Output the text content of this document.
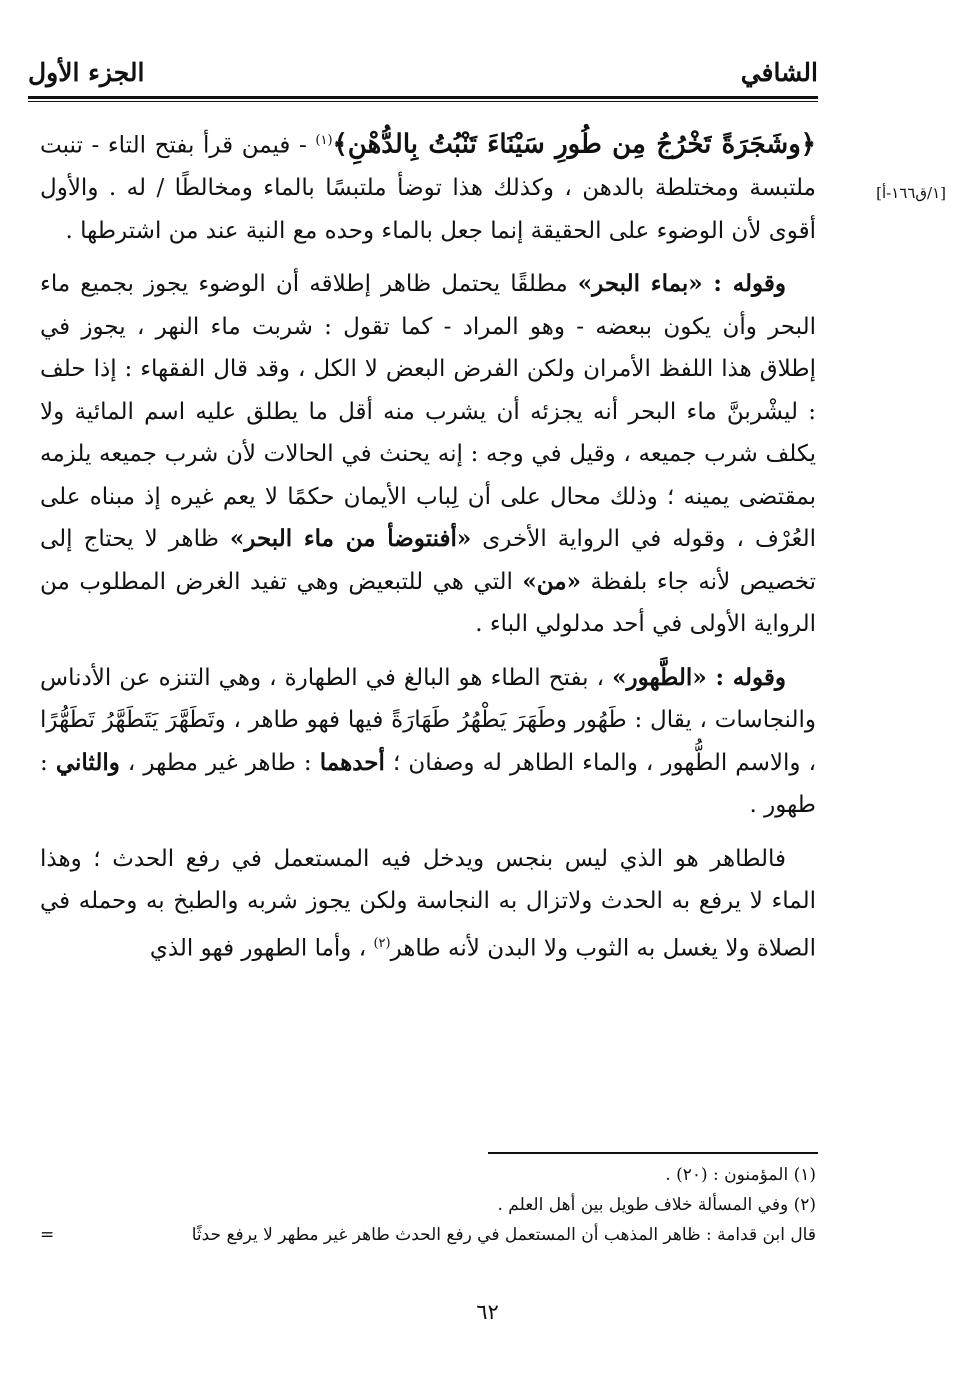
الشافي
الجزء الأول
[١/ق١٦٦-أ]

﴿وشَجَرَةً تَخْرُجُ مِن طُورِ سَيْنَاءَ تَنْبُتُ بِالدُّهْنِ﴾$^{(١)}$ - فيمن قرأ بفتح التاء - تنبت ملتبسة ومختلطة بالدهن ، وكذلك هذا توضأ ملتبسًا بالماء ومخالطًا / له . والأول أقوى لأن الوضوء على الحقيقة إنما جعل بالماء وحده مع النية عند من اشترطها .

وقوله : «بماء البحر» مطلقًا يحتمل ظاهر إطلاقه أن الوضوء يجوز بجميع ماء البحر وأن يكون ببعضه - وهو المراد - كما تقول : شربت ماء النهر ، يجوز في إطلاق هذا اللفظ الأمران ولكن الفرض البعض لا الكل ، وقد قال الفقهاء : إذا حلف : ليشْربنَّ ماء البحر أنه يجزئه أن يشرب منه أقل ما يطلق عليه اسم المائية ولا يكلف شرب جميعه ، وقيل في وجه : إنه يحنث في الحالات لأن شرب جميعه يلزمه بمقتضى يمينه ؛ وذلك محال على أن لِباب الأيمان حكمًا لا يعم غيره إذ مبناه على العُرْف ، وقوله في الرواية الأخرى «أفنتوضأ من ماء البحر» ظاهر لا يحتاج إلى تخصيص لأنه جاء بلفظة «من» التي هي للتبعيض وهي تفيد الغرض المطلوب من الرواية الأولى في أحد مدلولي الباء .

وقوله : «الطَّهور» ، بفتح الطاء هو البالغ في الطهارة ، وهي التنزه عن الأدناس والنجاسات ، يقال : طَهُور وطَهَرَ يَطْهُرُ طَهَارَةً فيها فهو طاهر ، وتَطَهَّرَ يَتَطَهَّرُ تَطَهُّرًا ، والاسم الطُّهور ، والماء الطاهر له وصفان ؛ أحدهما : طاهر غير مطهر ، والثاني : طهور .

فالطاهر هو الذي ليس بنجس ويدخل فيه المستعمل في رفع الحدث ؛ وهذا الماء لا يرفع به الحدث ولاتزال به النجاسة ولكن يجوز شربه والطبخ به وحمله في الصلاة ولا يغسل به الثوب ولا البدن لأنه طاهر$^{(٢)}$ ، وأما الطهور فهو الذي

(١) المؤمنون : (٢٠) .
(٢) وفي المسألة خلاف طويل بين أهل العلم .
قال ابن قدامة : ظاهر المذهب أن المستعمل في رفع الحدث طاهر غير مطهر لا يرفع حدثًا
=
٦٢
